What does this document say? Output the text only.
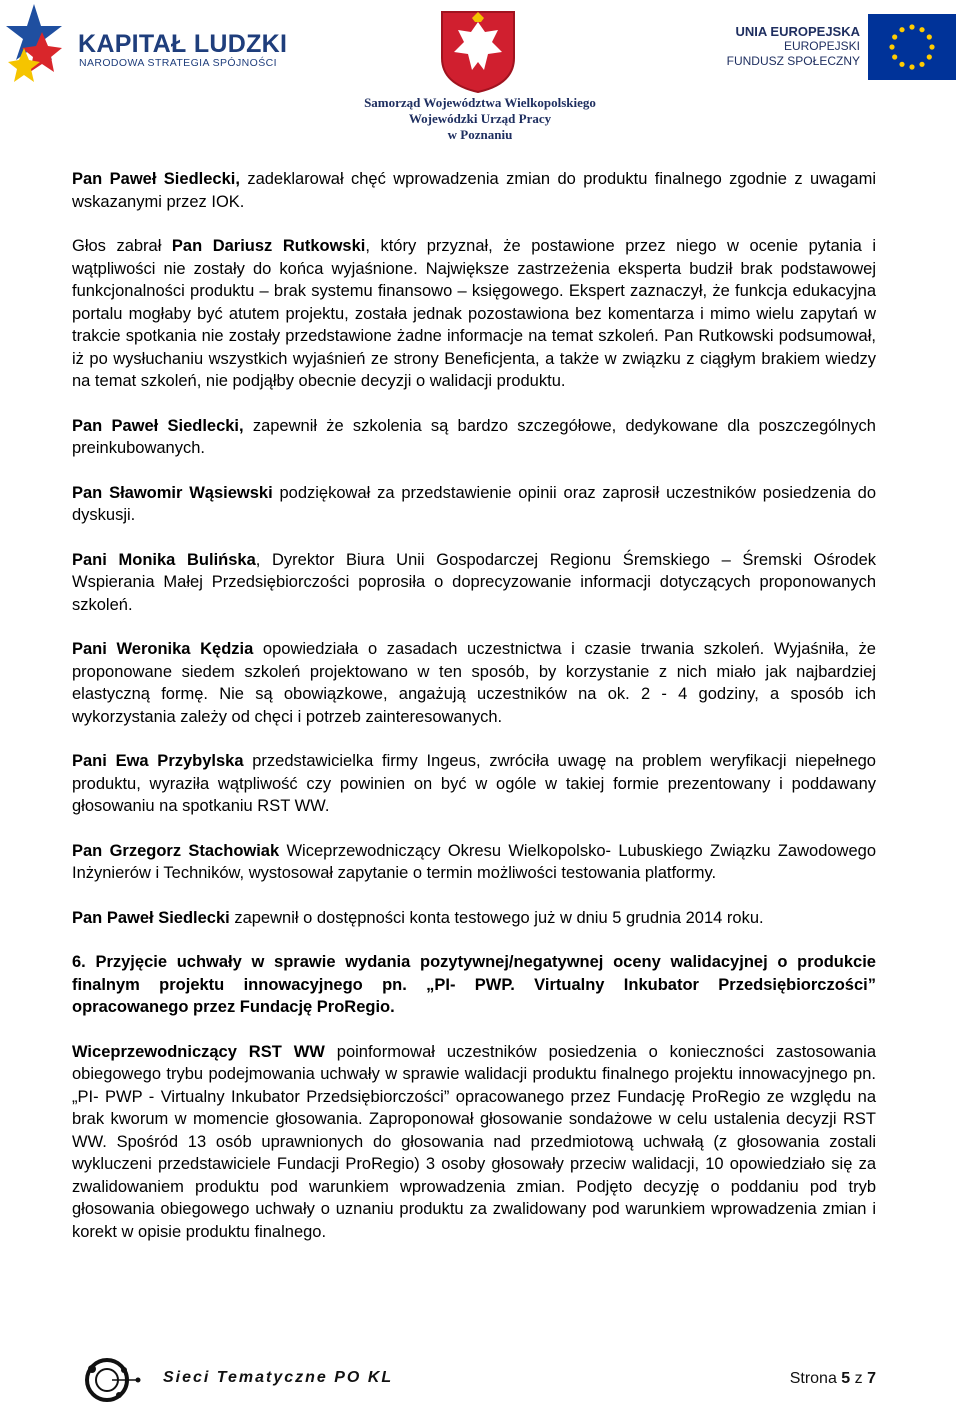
KAPITAŁ LUDZKI
NARODOWA STRATEGIA SPÓJNOŚCI
Samorząd Województwa Wielkopolskiego
Wojewódzki Urząd Pracy
w Poznaniu
UNIA EUROPEJSKA
EUROPEJSKI
FUNDUSZ SPOŁECZNY

Pan Paweł Siedlecki, zadeklarował chęć wprowadzenia zmian do produktu finalnego zgodnie z uwagami wskazanymi przez IOK.

Głos zabrał Pan Dariusz Rutkowski, który przyznał, że postawione przez niego w ocenie pytania i wątpliwości nie zostały do końca wyjaśnione. Największe zastrzeżenia eksperta budził brak podstawowej funkcjonalności produktu – brak systemu finansowo – księgowego. Ekspert zaznaczył, że funkcja edukacyjna portalu mogłaby być atutem projektu, została jednak pozostawiona bez komentarza i mimo wielu zapytań w trakcie spotkania nie zostały przedstawione żadne informacje na temat szkoleń. Pan Rutkowski podsumował, iż po wysłuchaniu wszystkich wyjaśnień ze strony Beneficjenta, a także w związku z ciągłym brakiem wiedzy na temat szkoleń, nie podjąłby obecnie decyzji o walidacji produktu.

Pan Paweł Siedlecki, zapewnił że szkolenia są bardzo szczegółowe, dedykowane dla poszczególnych preinkubowanych.

Pan Sławomir Wąsiewski podziękował za przedstawienie opinii oraz zaprosił uczestników posiedzenia do dyskusji.

Pani Monika Bulińska, Dyrektor Biura Unii Gospodarczej Regionu Śremskiego – Śremski Ośrodek Wspierania Małej Przedsiębiorczości poprosiła o doprecyzowanie informacji dotyczących proponowanych szkoleń.

Pani Weronika Kędzia opowiedziała o zasadach uczestnictwa i czasie trwania szkoleń. Wyjaśniła, że proponowane siedem szkoleń projektowano w ten sposób, by korzystanie z nich miało jak najbardziej elastyczną formę. Nie są obowiązkowe, angażują uczestników na ok. 2 - 4 godziny, a sposób ich wykorzystania zależy od chęci i potrzeb zainteresowanych.

Pani Ewa Przybylska przedstawicielka firmy Ingeus, zwróciła uwagę na problem weryfikacji niepełnego produktu, wyraziła wątpliwość czy powinien on być w ogóle w takiej formie prezentowany i poddawany głosowaniu na spotkaniu RST WW.

Pan Grzegorz Stachowiak Wiceprzewodniczący Okresu Wielkopolsko- Lubuskiego Związku Zawodowego Inżynierów i Techników, wystosował zapytanie o termin możliwości testowania platformy.

Pan Paweł Siedlecki zapewnił o dostępności konta testowego już w dniu 5 grudnia 2014 roku.

6. Przyjęcie uchwały w sprawie wydania pozytywnej/negatywnej oceny walidacyjnej o produkcie finalnym projektu innowacyjnego pn. „PI- PWP. Virtualny Inkubator Przedsiębiorczości” opracowanego przez Fundację ProRegio.

Wiceprzewodniczący RST WW poinformował uczestników posiedzenia o konieczności zastosowania obiegowego trybu podejmowania uchwały w sprawie walidacji produktu finalnego projektu innowacyjnego pn. „PI- PWP - Virtualny Inkubator Przedsiębiorczości” opracowanego przez Fundację ProRegio ze względu na brak kworum w momencie głosowania. Zaproponował głosowanie sondażowe w celu ustalenia decyzji RST WW. Spośród 13 osób uprawnionych do głosowania nad przedmiotową uchwałą (z głosowania zostali wykluczeni przedstawiciele Fundacji ProRegio) 3 osoby głosowały przeciw walidacji, 10 opowiedziało się za zwalidowaniem produktu pod warunkiem wprowadzenia zmian. Podjęto decyzję o poddaniu pod tryb głosowania obiegowego uchwały o uznaniu produktu za zwalidowany pod warunkiem wprowadzenia zmian i korekt w opisie produktu finalnego.

Sieci Tematyczne PO KL	Strona 5 z 7
